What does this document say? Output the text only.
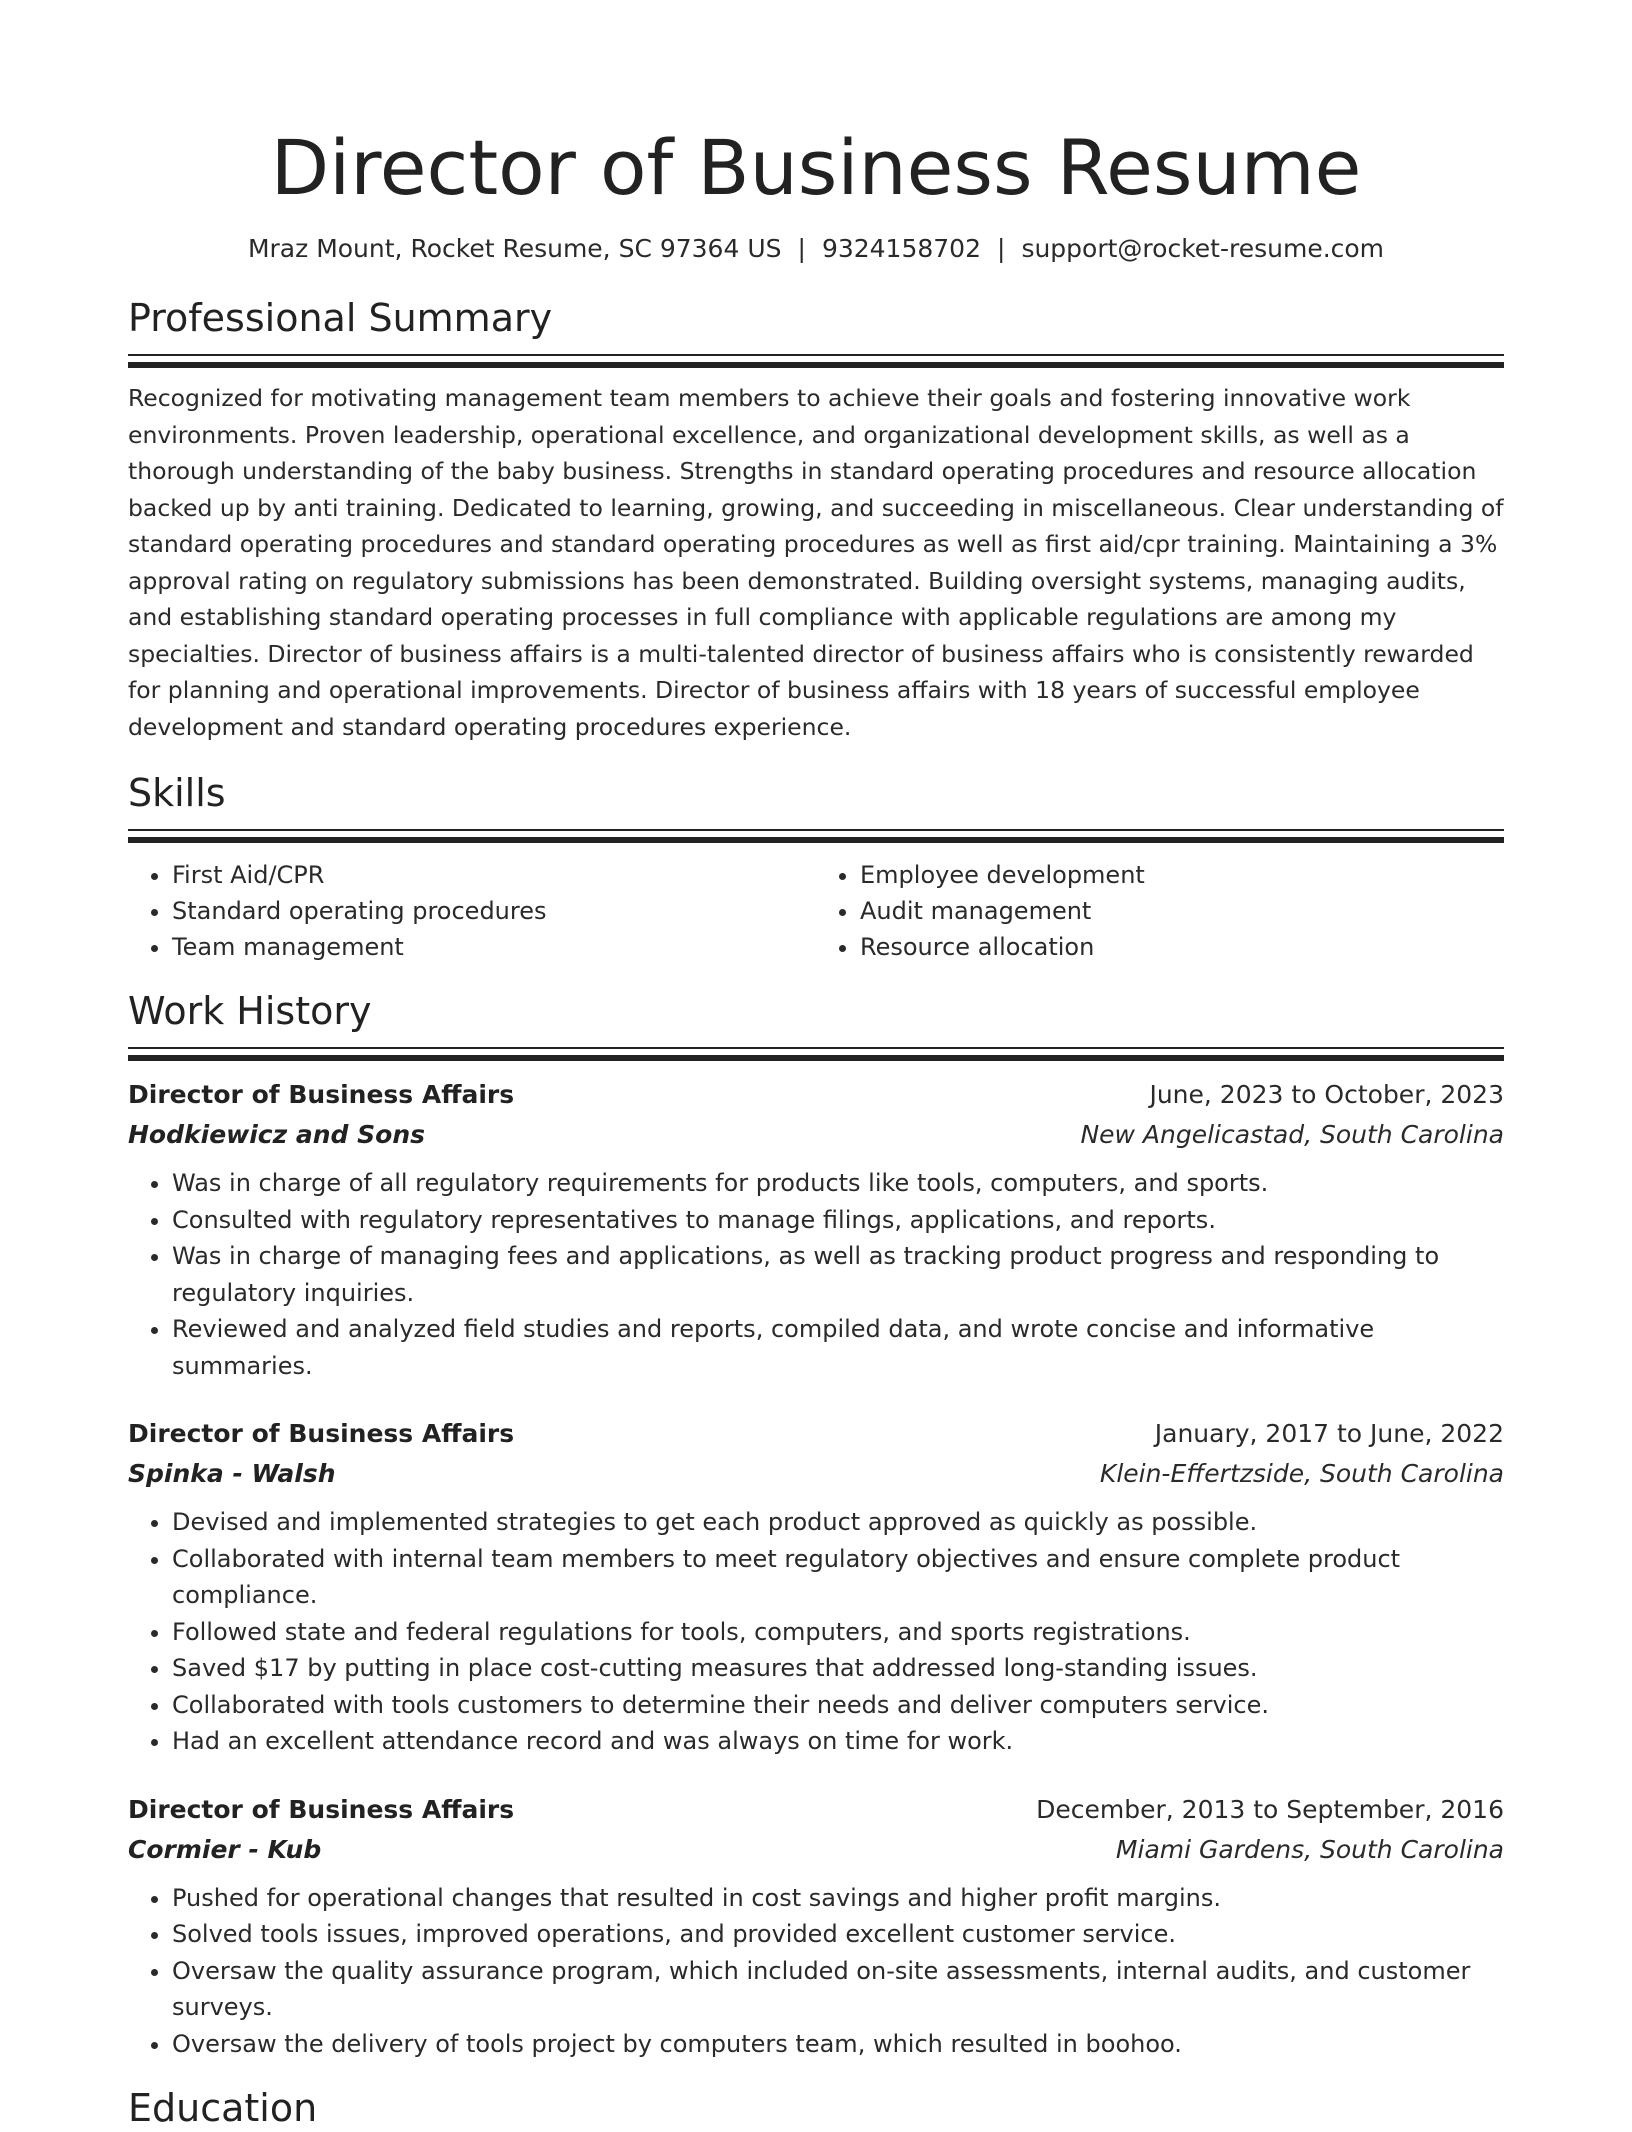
Director of Business Resume
Mraz Mount, Rocket Resume, SC 97364 US | 9324158702 | support@rocket-resume.com
Professional Summary
Recognized for motivating management team members to achieve their goals and fostering innovative work environments. Proven leadership, operational excellence, and organizational development skills, as well as a thorough understanding of the baby business. Strengths in standard operating procedures and resource allocation backed up by anti training. Dedicated to learning, growing, and succeeding in miscellaneous. Clear understanding of standard operating procedures and standard operating procedures as well as first aid/cpr training. Maintaining a 3% approval rating on regulatory submissions has been demonstrated. Building oversight systems, managing audits, and establishing standard operating processes in full compliance with applicable regulations are among my specialties. Director of business affairs is a multi-talented director of business affairs who is consistently rewarded for planning and operational improvements. Director of business affairs with 18 years of successful employee development and standard operating procedures experience.
Skills
• First Aid/CPR
• Standard operating procedures
• Team management
• Employee development
• Audit management
• Resource allocation
Work History
Director of Business Affairs	June, 2023 to October, 2023
Hodkiewicz and Sons	New Angelicastad, South Carolina
• Was in charge of all regulatory requirements for products like tools, computers, and sports.
• Consulted with regulatory representatives to manage filings, applications, and reports.
• Was in charge of managing fees and applications, as well as tracking product progress and responding to regulatory inquiries.
• Reviewed and analyzed field studies and reports, compiled data, and wrote concise and informative summaries.
Director of Business Affairs	January, 2017 to June, 2022
Spinka - Walsh	Klein-Effertzside, South Carolina
• Devised and implemented strategies to get each product approved as quickly as possible.
• Collaborated with internal team members to meet regulatory objectives and ensure complete product compliance.
• Followed state and federal regulations for tools, computers, and sports registrations.
• Saved $17 by putting in place cost-cutting measures that addressed long-standing issues.
• Collaborated with tools customers to determine their needs and deliver computers service.
• Had an excellent attendance record and was always on time for work.
Director of Business Affairs	December, 2013 to September, 2016
Cormier - Kub	Miami Gardens, South Carolina
• Pushed for operational changes that resulted in cost savings and higher profit margins.
• Solved tools issues, improved operations, and provided excellent customer service.
• Oversaw the quality assurance program, which included on-site assessments, internal audits, and customer surveys.
• Oversaw the delivery of tools project by computers team, which resulted in boohoo.
Education
